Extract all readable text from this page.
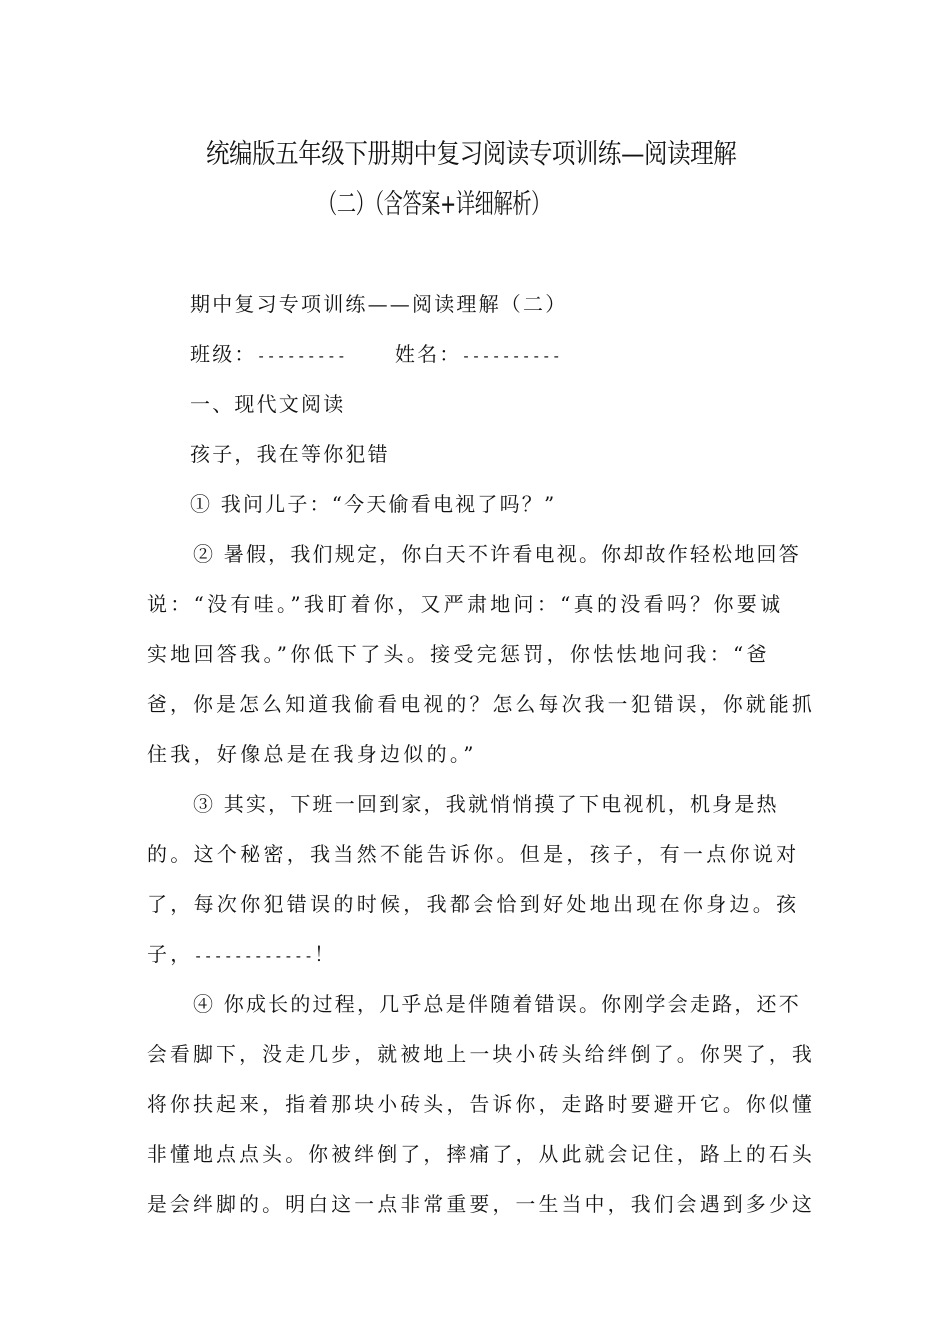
统编版五年级下册期中复习阅读专项训练—阅读理解
（二）（含答案+详细解析）

期中复习专项训练——阅读理解（二）

班级：--------- 姓名：----------

一、现代文阅读

孩子，我在等你犯错

① 我问儿子：“今天偷看电视了吗？”

② 暑假，我们规定，你白天不许看电视。你却故作轻松地回答

说：“没有哇。”我盯着你，又严肃地问：“真的没看吗？你要诚

实地回答我。”你低下了头。接受完惩罚，你怯怯地问我：“爸

爸，你是怎么知道我偷看电视的？怎么每次我一犯错误，你就能抓

住我，好像总是在我身边似的。”

③ 其实，下班一回到家，我就悄悄摸了下电视机，机身是热

的。这个秘密，我当然不能告诉你。但是，孩子，有一点你说对

了，每次你犯错误的时候，我都会恰到好处地出现在你身边。孩

子，------------！

④ 你成长的过程，几乎总是伴随着错误。你刚学会走路，还不

会看脚下，没走几步，就被地上一块小砖头给绊倒了。你哭了，我

将你扶起来，指着那块小砖头，告诉你，走路时要避开它。你似懂

非懂地点点头。你被绊倒了，摔痛了，从此就会记住，路上的石头

是会绊脚的。明白这一点非常重要，一生当中，我们会遇到多少这
